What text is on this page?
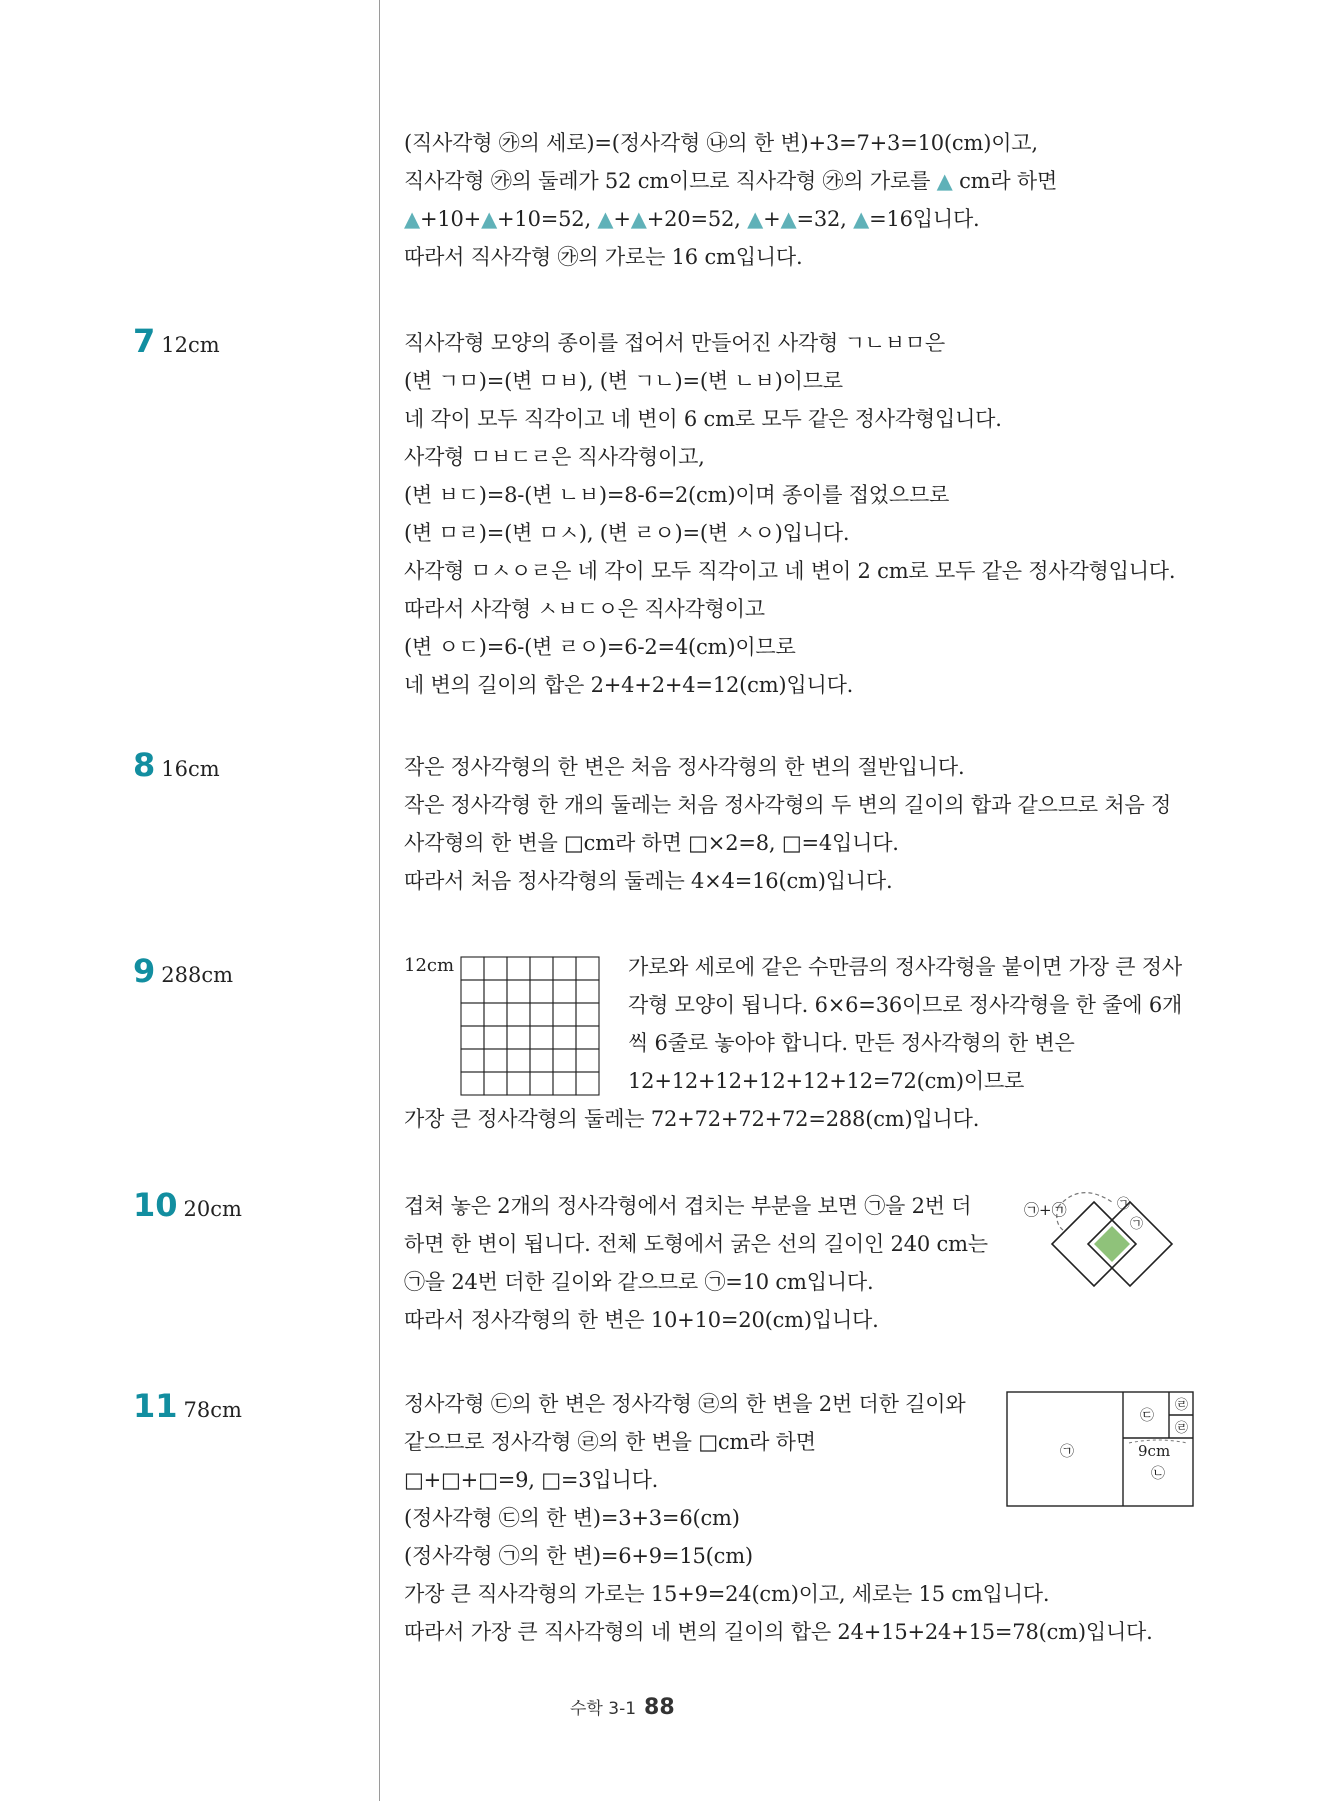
(직사각형 ㉮의 세로)=(정사각형 ㉯의 한 변)+3=7+3=10(cm)이고,
직사각형 ㉮의 둘레가 52 cm이므로 직사각형 ㉮의 가로를 ▲ cm라 하면
▲+10+▲+10=52, ▲+▲+20=52, ▲+▲=32, ▲=16입니다.
따라서 직사각형 ㉮의 가로는 16 cm입니다.
7 12cm	직사각형 모양의 종이를 접어서 만들어진 사각형 ㄱㄴㅂㅁ은
(변 ㄱㅁ)=(변 ㅁㅂ), (변 ㄱㄴ)=(변 ㄴㅂ)이므로
네 각이 모두 직각이고 네 변이 6 cm로 모두 같은 정사각형입니다.
사각형 ㅁㅂㄷㄹ은 직사각형이고,
(변 ㅂㄷ)=8-(변 ㄴㅂ)=8-6=2(cm)이며 종이를 접었으므로
(변 ㅁㄹ)=(변 ㅁㅅ), (변 ㄹㅇ)=(변 ㅅㅇ)입니다.
사각형 ㅁㅅㅇㄹ은 네 각이 모두 직각이고 네 변이 2 cm로 모두 같은 정사각형입니다.
따라서 사각형 ㅅㅂㄷㅇ은 직사각형이고
(변 ㅇㄷ)=6-(변 ㄹㅇ)=6-2=4(cm)이므로
네 변의 길이의 합은 2+4+2+4=12(cm)입니다.
8 16cm	작은 정사각형의 한 변은 처음 정사각형의 한 변의 절반입니다.
작은 정사각형 한 개의 둘레는 처음 정사각형의 두 변의 길이의 합과 같으므로 처음 정
사각형의 한 변을 □cm라 하면 □×2=8, □=4입니다.
따라서 처음 정사각형의 둘레는 4×4=16(cm)입니다.
9 288cm	12cm	가로와 세로에 같은 수만큼의 정사각형을 붙이면 가장 큰 정사
각형 모양이 됩니다. 6×6=36이므로 정사각형을 한 줄에 6개
씩 6줄로 놓아야 합니다. 만든 정사각형의 한 변은
12+12+12+12+12+12=72(cm)이므로
가장 큰 정사각형의 둘레는 72+72+72+72=288(cm)입니다.
10 20cm	겹쳐 놓은 2개의 정사각형에서 겹치는 부분을 보면 ㉠을 2번 더
하면 한 변이 됩니다. 전체 도형에서 굵은 선의 길이인 240 cm는
㉠을 24번 더한 길이와 같으므로 ㉠=10 cm입니다.
따라서 정사각형의 한 변은 10+10=20(cm)입니다.
㉠+㉠	㉠
㉠
11 78cm	정사각형 ㉢의 한 변은 정사각형 ㉣의 한 변을 2번 더한 길이와
같으므로 정사각형 ㉣의 한 변을 □cm라 하면
□+□+□=9, □=3입니다.
(정사각형 ㉢의 한 변)=3+3=6(cm)
(정사각형 ㉠의 한 변)=6+9=15(cm)
가장 큰 직사각형의 가로는 15+9=24(cm)이고, 세로는 15 cm입니다.
따라서 가장 큰 직사각형의 네 변의 길이의 합은 24+15+24+15=78(cm)입니다.
㉠
㉢
㉣
㉣
9cm
㉡
수학 3-1 88
